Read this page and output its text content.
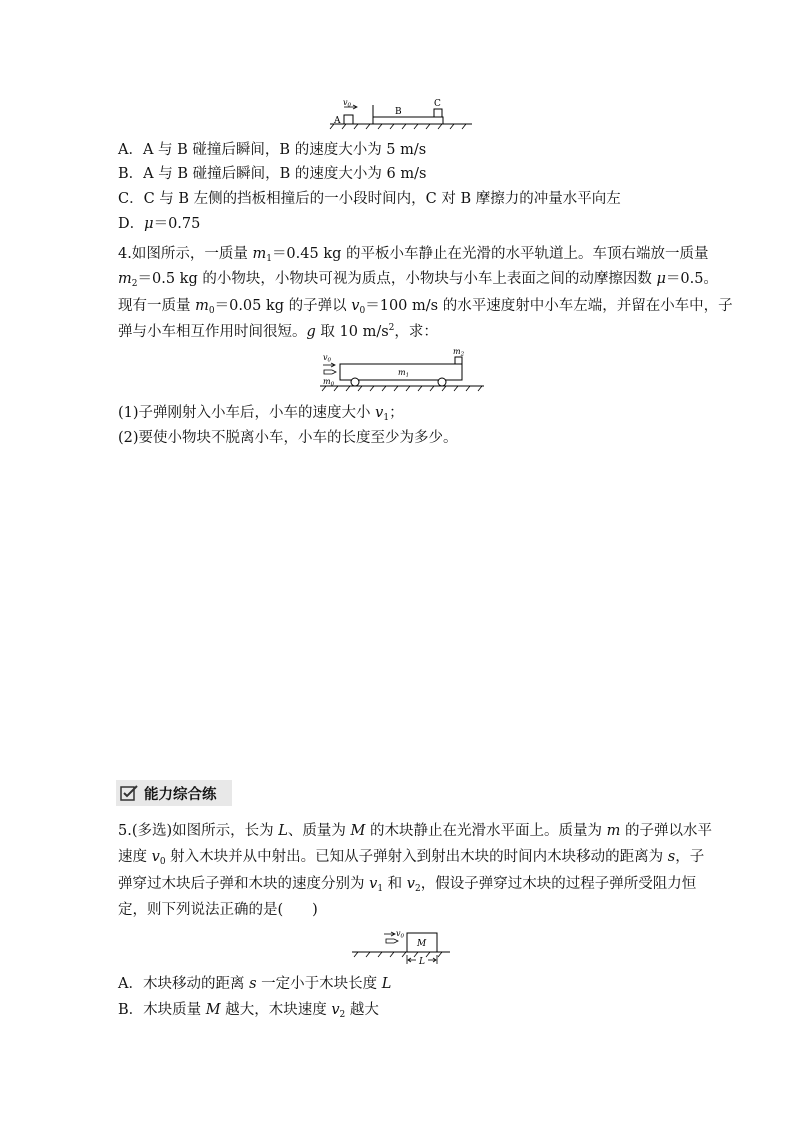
v0
A
B
C
A．A 与 B 碰撞后瞬间，B 的速度大小为 5 m/s
B．A 与 B 碰撞后瞬间，B 的速度大小为 6 m/s
C．C 与 B 左侧的挡板相撞后的一小段时间内，C 对 B 摩擦力的冲量水平向左
D．μ＝0.75
4.如图所示，一质量 $m_1=0.45$ kg 的平板小车静止在光滑的水平轨道上。车顶右端放一质量
$m_2=0.5$ kg 的小物块，小物块可视为质点，小物块与小车上表面之间的动摩擦因数 μ＝0.5。
现有一质量 $m_0=0.05$ kg 的子弹以 $v_0=100$ m/s 的水平速度射中小车左端，并留在小车中，子
弹与小车相互作用时间很短。g 取 10 $m/s^2$，求：
m2
m1
v0
m0
(1)子弹刚射入小车后，小车的速度大小 $v_1$；
(2)要使小物块不脱离小车，小车的长度至少为多少。
能力综合练
5.(多选)如图所示，长为 L、质量为 M 的木块静止在光滑水平面上。质量为 m 的子弹以水平
速度 $v_0$ 射入木块并从中射出。已知从子弹射入到射出木块的时间内木块移动的距离为 s，子
弹穿过木块后子弹和木块的速度分别为 $v_1$ 和 $v_2$，假设子弹穿过木块的过程子弹所受阻力恒
定，则下列说法正确的是(　　)
M
v0
L
A．木块移动的距离 s 一定小于木块长度 L
B．木块质量 M 越大，木块速度 $v_2$ 越大
